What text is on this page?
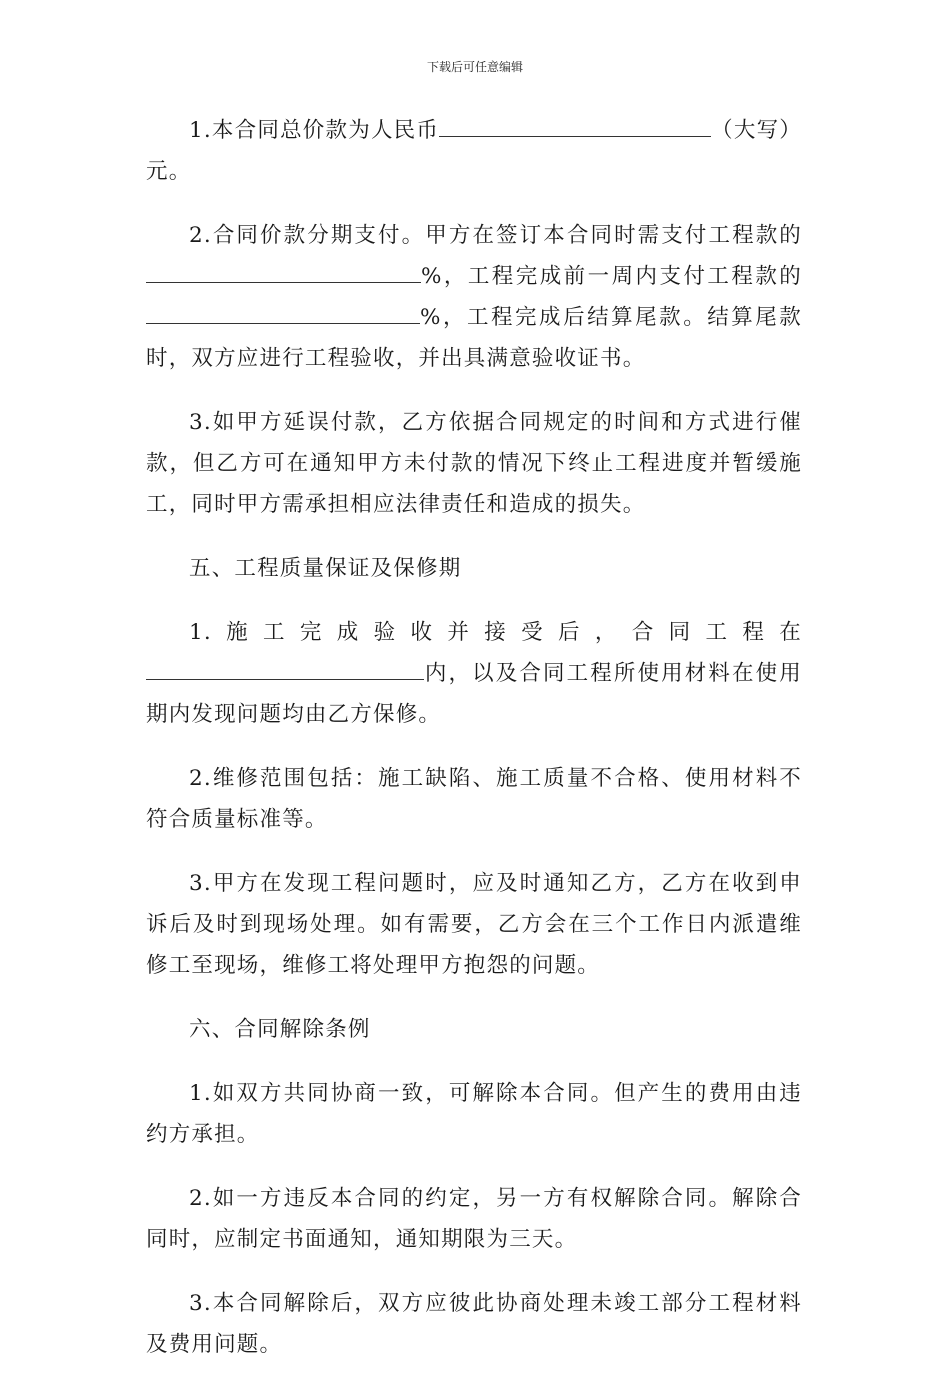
下载后可任意编辑

1.本合同总价款为人民币	（大写）元。

2.合同价款分期支付。甲方在签订本合同时需支付工程款的%，工程完成前一周内支付工程款的%，工程完成后结算尾款。结算尾款时，双方应进行工程验收，并出具满意验收证书。

3.如甲方延误付款，乙方依据合同规定的时间和方式进行催款，但乙方可在通知甲方未付款的情况下终止工程进度并暂缓施工，同时甲方需承担相应法律责任和造成的损失。

五、工程质量保证及保修期

1.施工完成验收并接受后，合同工程在内，以及合同工程所使用材料在使用期内发现问题均由乙方保修。

2.维修范围包括：施工缺陷、施工质量不合格、使用材料不符合质量标准等。

3.甲方在发现工程问题时，应及时通知乙方，乙方在收到申诉后及时到现场处理。如有需要，乙方会在三个工作日内派遣维修工至现场，维修工将处理甲方抱怨的问题。

六、合同解除条例

1.如双方共同协商一致，可解除本合同。但产生的费用由违约方承担。

2.如一方违反本合同的约定，另一方有权解除合同。解除合同时，应制定书面通知，通知期限为三天。

3.本合同解除后，双方应彼此协商处理未竣工部分工程材料及费用问题。
